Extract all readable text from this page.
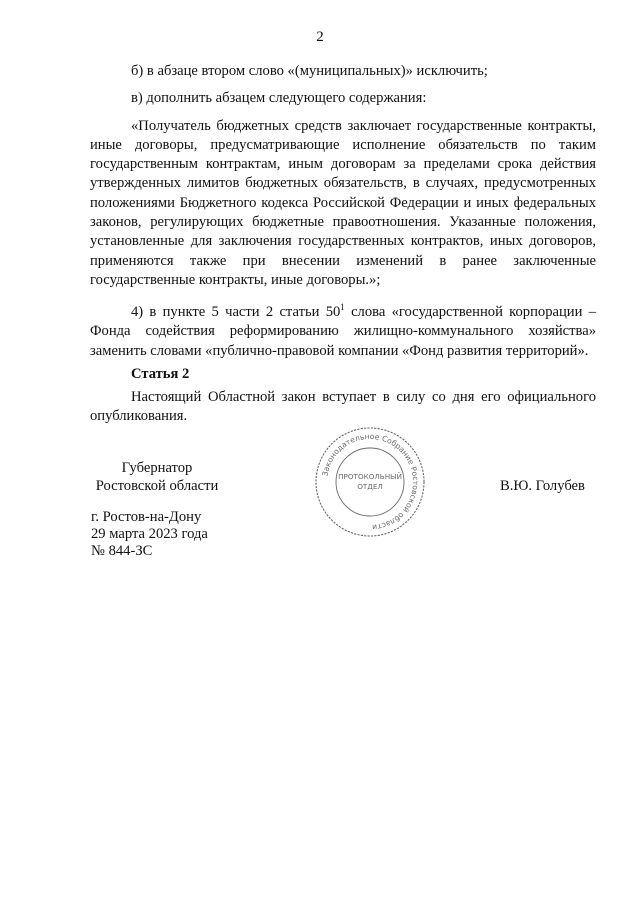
2

б) в абзаце втором слово «(муниципальных)» исключить;

в) дополнить абзацем следующего содержания:

«Получатель бюджетных средств заключает государственные контракты, иные договоры, предусматривающие исполнение обязательств по таким государственным контрактам, иным договорам за пределами срока действия утвержденных лимитов бюджетных обязательств, в случаях, предусмотренных положениями Бюджетного кодекса Российской Федерации и иных федеральных законов, регулирующих бюджетные правоотношения. Указанные положения, установленные для заключения государственных контрактов, иных договоров, применяются также при внесении изменений в ранее заключенные государственные контракты, иные договоры.»;

4) в пункте 5 части 2 статьи $50^1$ слова «государственной корпорации – Фонда содействия реформированию жилищно-коммунального хозяйства» заменить словами «публично-правовой компании «Фонд развития территорий».

Статья 2

Настоящий Областной закон вступает в силу со дня его официального опубликования.

Губернатор
Ростовской области	В.Ю. Голубев
г. Ростов-на-Дону
29 марта 2023 года
№ 844-ЗС
Законодательное Собрание Ростовской области
ПРОТОКОЛЬНЫЙ
ОТДЕЛ
